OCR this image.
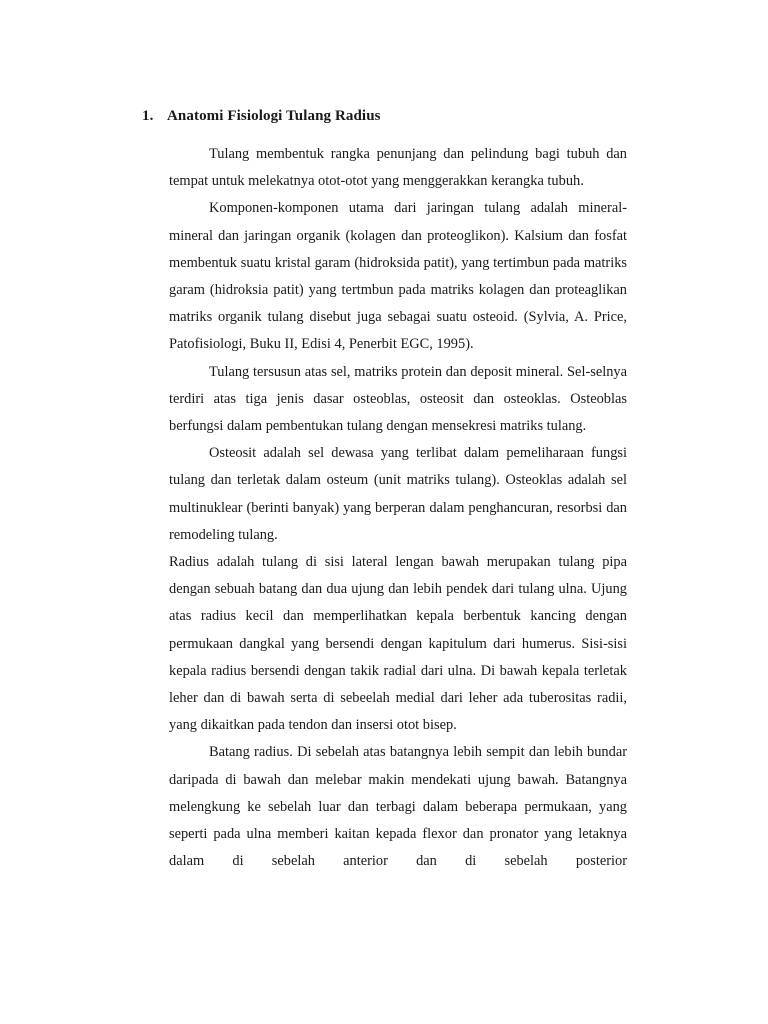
1. Anatomi Fisiologi Tulang Radius

Tulang membentuk rangka penunjang dan pelindung bagi tubuh dan tempat untuk melekatnya otot-otot yang menggerakkan kerangka tubuh.

Komponen-komponen utama dari jaringan tulang adalah mineral-mineral dan jaringan organik (kolagen dan proteoglikon). Kalsium dan fosfat membentuk suatu kristal garam (hidroksida patit), yang tertimbun pada matriks garam (hidroksia patit) yang tertmbun pada matriks kolagen dan proteaglikan matriks organik tulang disebut juga sebagai suatu osteoid. (Sylvia, A. Price, Patofisiologi, Buku II, Edisi 4, Penerbit EGC, 1995).

Tulang tersusun atas sel, matriks protein dan deposit mineral. Sel-selnya terdiri atas tiga jenis dasar osteoblas, osteosit dan osteoklas. Osteoblas berfungsi dalam pembentukan tulang dengan mensekresi matriks tulang.

Osteosit adalah sel dewasa yang terlibat dalam pemeliharaan fungsi tulang dan terletak dalam osteum (unit matriks tulang). Osteoklas adalah sel multinuklear (berinti banyak) yang berperan dalam penghancuran, resorbsi dan remodeling tulang.

Radius adalah tulang di sisi lateral lengan bawah merupakan tulang pipa dengan sebuah batang dan dua ujung dan lebih pendek dari tulang ulna. Ujung atas radius kecil dan memperlihatkan kepala berbentuk kancing dengan permukaan dangkal yang bersendi dengan kapitulum dari humerus. Sisi-sisi kepala radius bersendi dengan takik radial dari ulna. Di bawah kepala terletak leher dan di bawah serta di sebeelah medial dari leher ada tuberositas radii, yang dikaitkan pada tendon dan insersi otot bisep.

Batang radius. Di sebelah atas batangnya lebih sempit dan lebih bundar daripada di bawah dan melebar makin mendekati ujung bawah. Batangnya melengkung ke sebelah luar dan terbagi dalam beberapa permukaan, yang seperti pada ulna memberi kaitan kepada flexor dan pronator yang letaknya dalam di sebelah anterior dan di sebelah posterior
